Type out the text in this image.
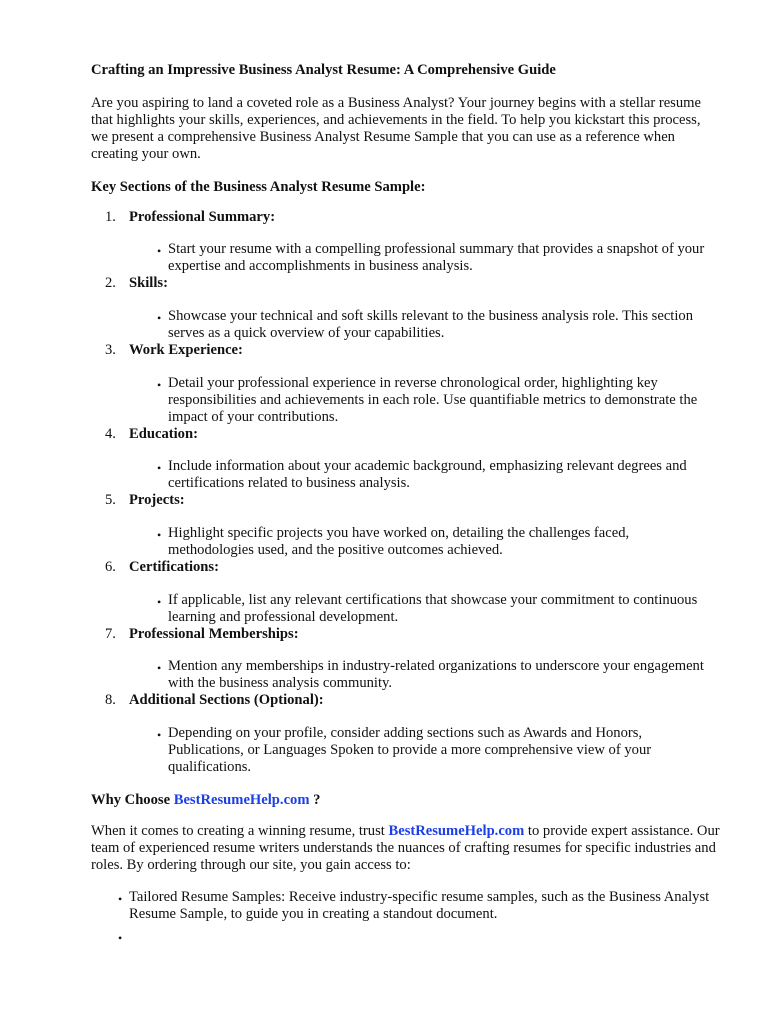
Crafting an Impressive Business Analyst Resume: A Comprehensive Guide

Are you aspiring to land a coveted role as a Business Analyst? Your journey begins with a stellar resume that highlights your skills, experiences, and achievements in the field. To help you kickstart this process, we present a comprehensive Business Analyst Resume Sample that you can use as a reference when creating your own.

Key Sections of the Business Analyst Resume Sample:

1. Professional Summary:
• Start your resume with a compelling professional summary that provides a snapshot of your expertise and accomplishments in business analysis.
2. Skills:
• Showcase your technical and soft skills relevant to the business analysis role. This section serves as a quick overview of your capabilities.
3. Work Experience:
• Detail your professional experience in reverse chronological order, highlighting key responsibilities and achievements in each role. Use quantifiable metrics to demonstrate the impact of your contributions.
4. Education:
• Include information about your academic background, emphasizing relevant degrees and certifications related to business analysis.
5. Projects:
• Highlight specific projects you have worked on, detailing the challenges faced, methodologies used, and the positive outcomes achieved.
6. Certifications:
• If applicable, list any relevant certifications that showcase your commitment to continuous learning and professional development.
7. Professional Memberships:
• Mention any memberships in industry-related organizations to underscore your engagement with the business analysis community.
8. Additional Sections (Optional):
• Depending on your profile, consider adding sections such as Awards and Honors, Publications, or Languages Spoken to provide a more comprehensive view of your qualifications.

Why Choose BestResumeHelp.com ?

When it comes to creating a winning resume, trust BestResumeHelp.com to provide expert assistance. Our team of experienced resume writers understands the nuances of crafting resumes for specific industries and roles. By ordering through our site, you gain access to:

• Tailored Resume Samples: Receive industry-specific resume samples, such as the Business Analyst Resume Sample, to guide you in creating a standout document.
•
